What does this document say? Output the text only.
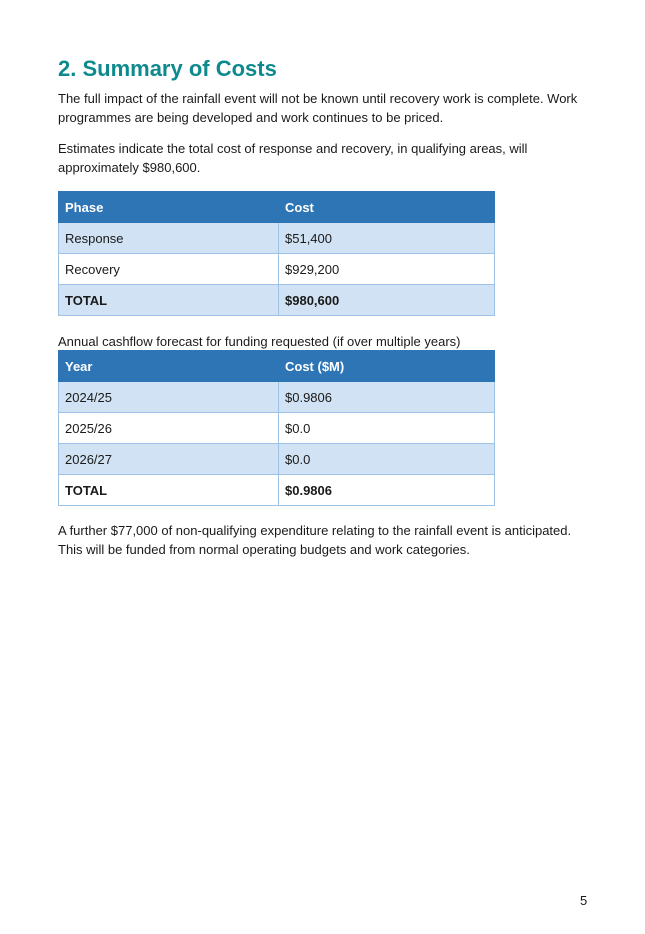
2. Summary of Costs

The full impact of the rainfall event will not be known until recovery work is complete. Work programmes are being developed and work continues to be priced.

Estimates indicate the total cost of response and recovery, in qualifying areas, will approximately $980,600.

Phase	Cost
Response	$51,400
Recovery	$929,200
TOTAL	$980,600

Annual cashflow forecast for funding requested (if over multiple years)

Year	Cost ($M)
2024/25	$0.9806
2025/26	$0.0
2026/27	$0.0
TOTAL	$0.9806

A further $77,000 of non-qualifying expenditure relating to the rainfall event is anticipated. This will be funded from normal operating budgets and work categories.

5
